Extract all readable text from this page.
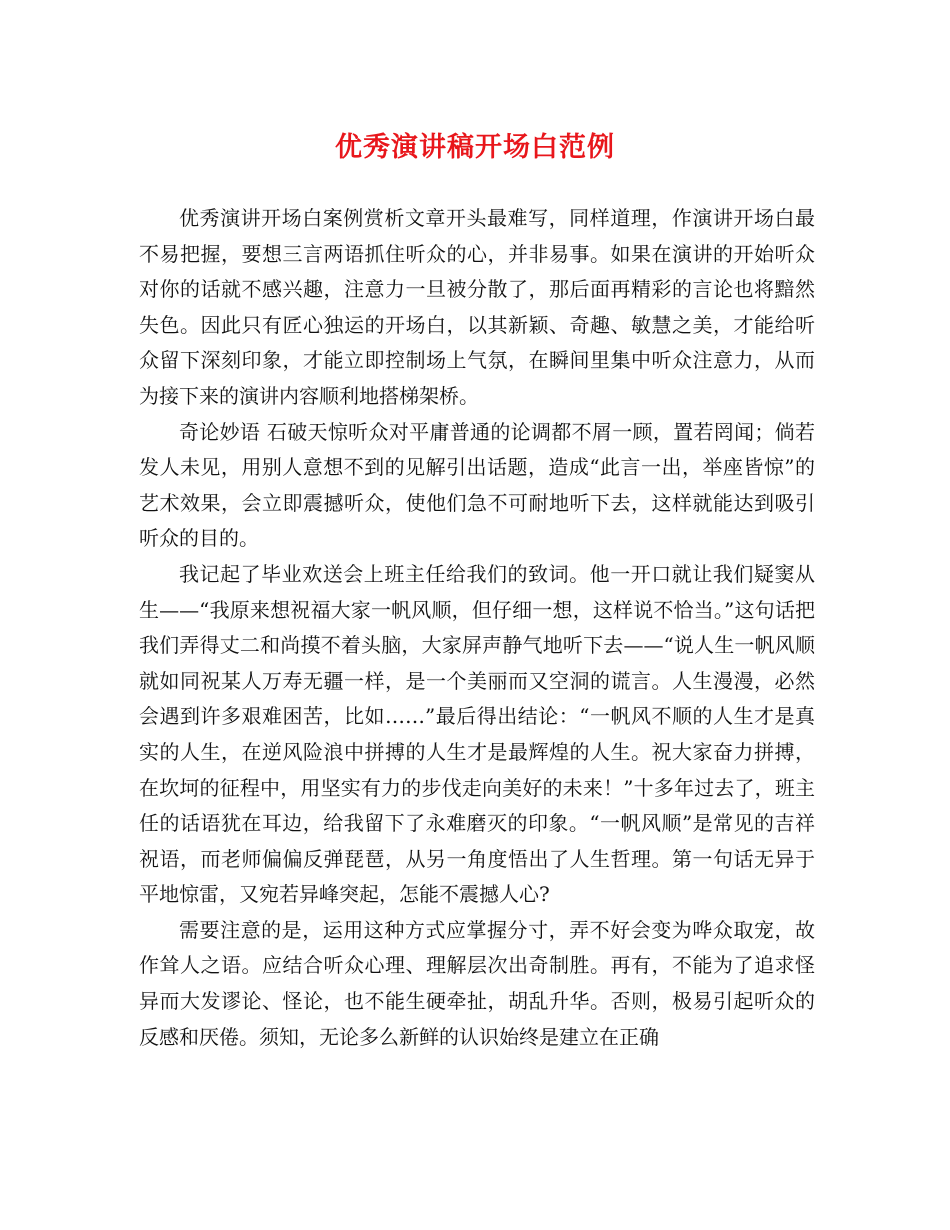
优秀演讲稿开场白范例

优秀演讲开场白案例赏析文章开头最难写，同样道理，作演讲开场白最不易把握，要想三言两语抓住听众的心，并非易事。如果在演讲的开始听众对你的话就不感兴趣，注意力一旦被分散了，那后面再精彩的言论也将黯然失色。因此只有匠心独运的开场白，以其新颖、奇趣、敏慧之美，才能给听众留下深刻印象，才能立即控制场上气氛，在瞬间里集中听众注意力，从而为接下来的演讲内容顺利地搭梯架桥。

奇论妙语 石破天惊听众对平庸普通的论调都不屑一顾，置若罔闻；倘若发人未见，用别人意想不到的见解引出话题，造成“此言一出，举座皆惊”的艺术效果，会立即震撼听众，使他们急不可耐地听下去，这样就能达到吸引听众的目的。

我记起了毕业欢送会上班主任给我们的致词。他一开口就让我们疑窦从生——“我原来想祝福大家一帆风顺，但仔细一想，这样说不恰当。”这句话把我们弄得丈二和尚摸不着头脑，大家屏声静气地听下去——“说人生一帆风顺就如同祝某人万寿无疆一样，是一个美丽而又空洞的谎言。人生漫漫，必然会遇到许多艰难困苦，比如……”最后得出结论：“一帆风不顺的人生才是真实的人生，在逆风险浪中拼搏的人生才是最辉煌的人生。祝大家奋力拼搏，在坎坷的征程中，用坚实有力的步伐走向美好的未来！”十多年过去了，班主任的话语犹在耳边，给我留下了永难磨灭的印象。“一帆风顺”是常见的吉祥祝语，而老师偏偏反弹琵琶，从另一角度悟出了人生哲理。第一句话无异于平地惊雷，又宛若异峰突起，怎能不震撼人心?

需要注意的是，运用这种方式应掌握分寸，弄不好会变为哗众取宠，故作耸人之语。应结合听众心理、理解层次出奇制胜。再有，不能为了追求怪异而大发谬论、怪论，也不能生硬牵扯，胡乱升华。否则，极易引起听众的反感和厌倦。须知，无论多么新鲜的认识始终是建立在正确
